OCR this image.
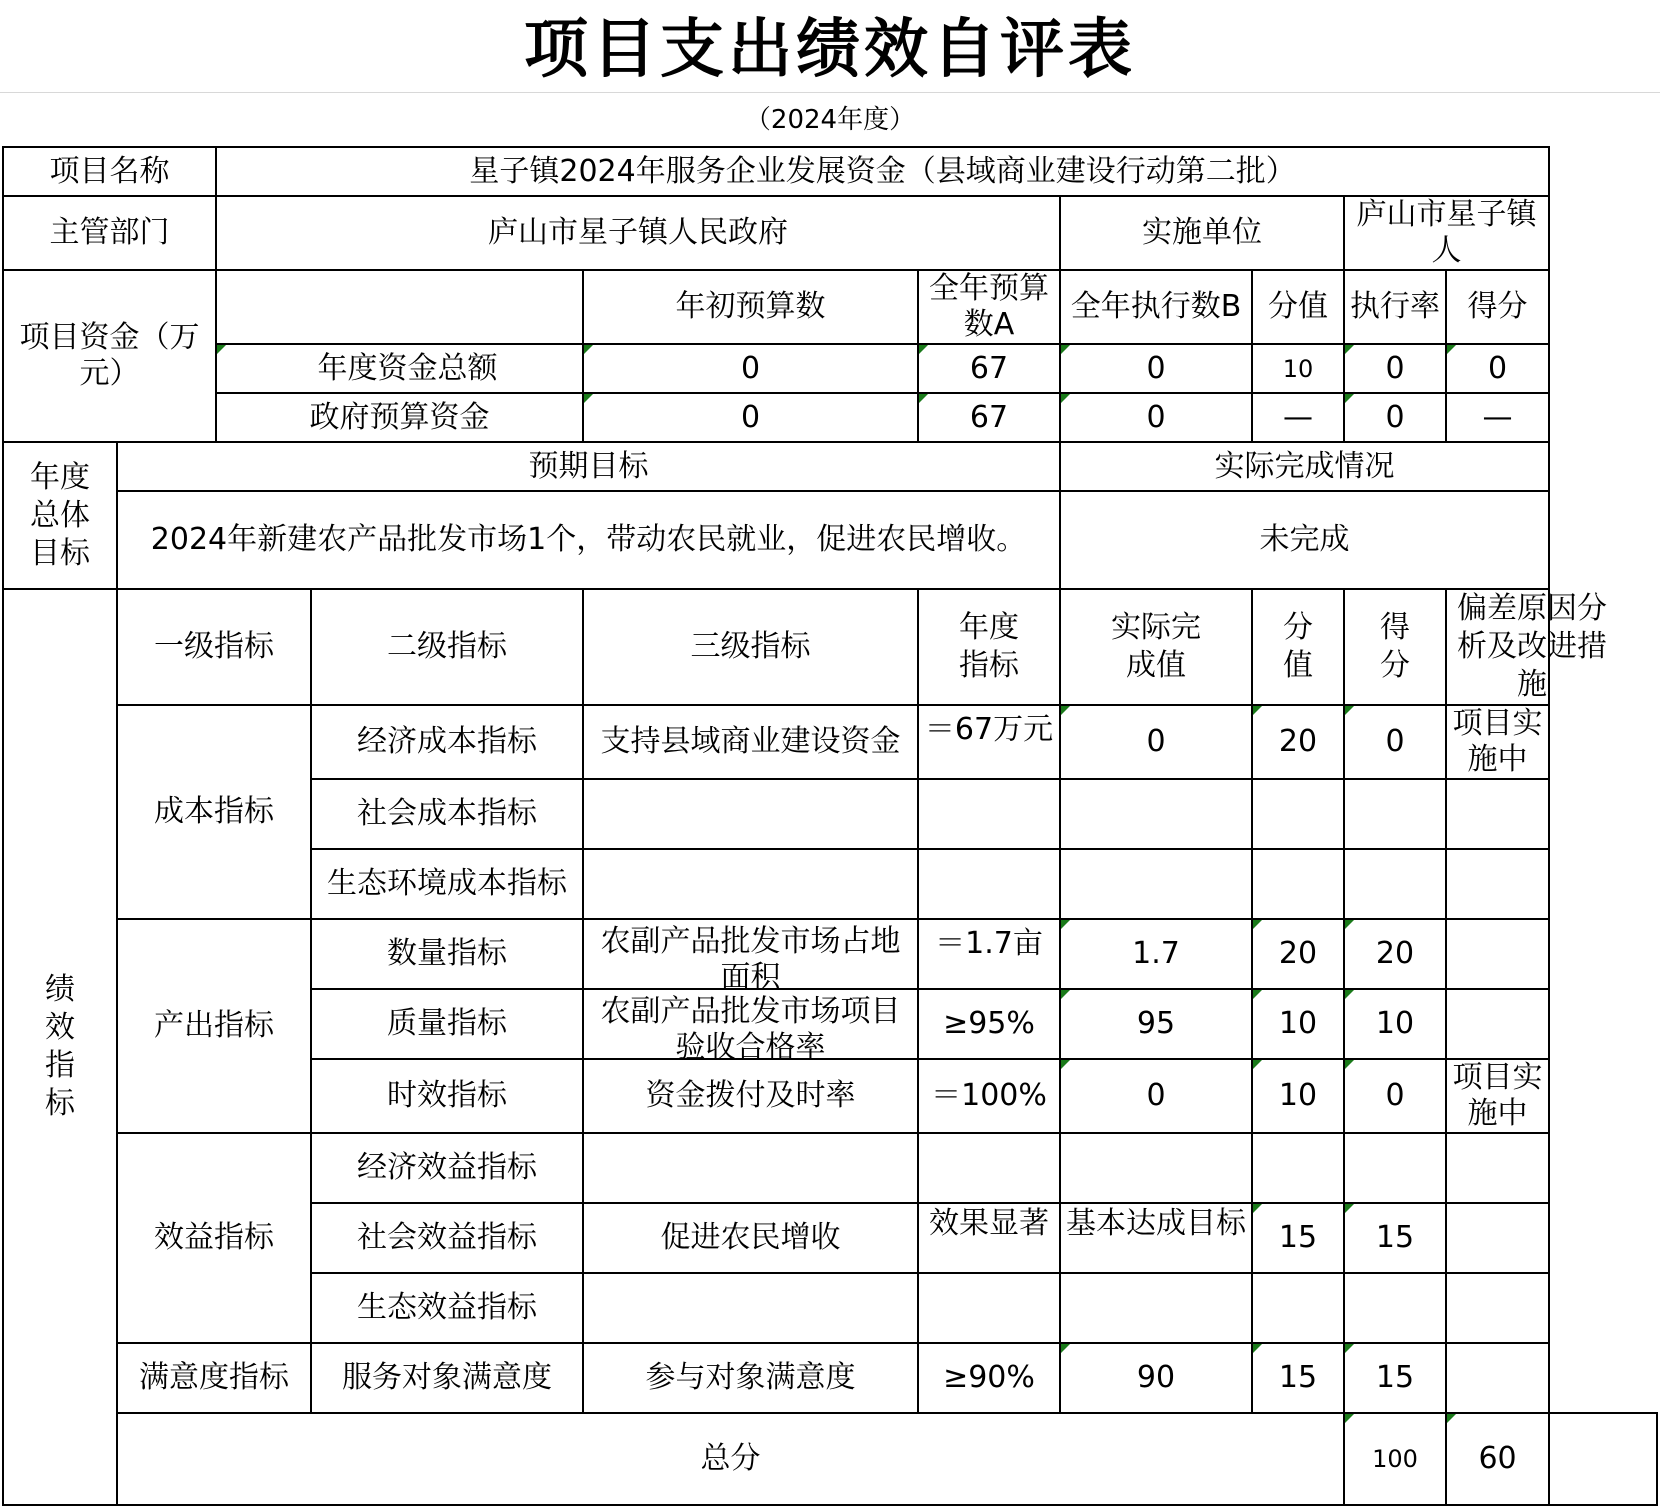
项目支出绩效自评表
（2024年度）
项目名称		星子镇2024年服务企业发展资金（县域商业建设行动第二批）								
主管部门		庐山市星子镇人民政府				实施单位		庐山市星子镇人		
项目资金（万元）				年初预算数	全年预算数A	全年执行数B	分值	执行率	得分	
		年度资金总额		0	67	0	10	0	0	
		政府预算资金		0	67	0	—	0	—	
年度总体目标	预期目标					实际完成情况				
	2024年新建农产品批发市场1个，带动农民就业，促进农民增收。					未完成				
绩效指标	一级指标		二级指标	三级指标	年度指标	实际完成值	分值	得分	偏差原因分析及改进措施	
	成本指标		经济成本指标	支持县域商业建设资金	＝67万元	0	20	0	项目实施中	
			社会成本指标							
			生态环境成本指标							
	产出指标		数量指标	农副产品批发市场占地面积	＝1.7亩	1.7	20	20		
			质量指标	农副产品批发市场项目验收合格率	≥95%	95	10	10		
			时效指标	资金拨付及时率	＝100%	0	10	0	项目实施中	
	效益指标		经济效益指标							
			社会效益指标	促进农民增收	效果显著	基本达成目标	15	15		
			生态效益指标							
	满意度指标		服务对象满意度	参与对象满意度	≥90%	90	15	15		
	总分							100	60	
